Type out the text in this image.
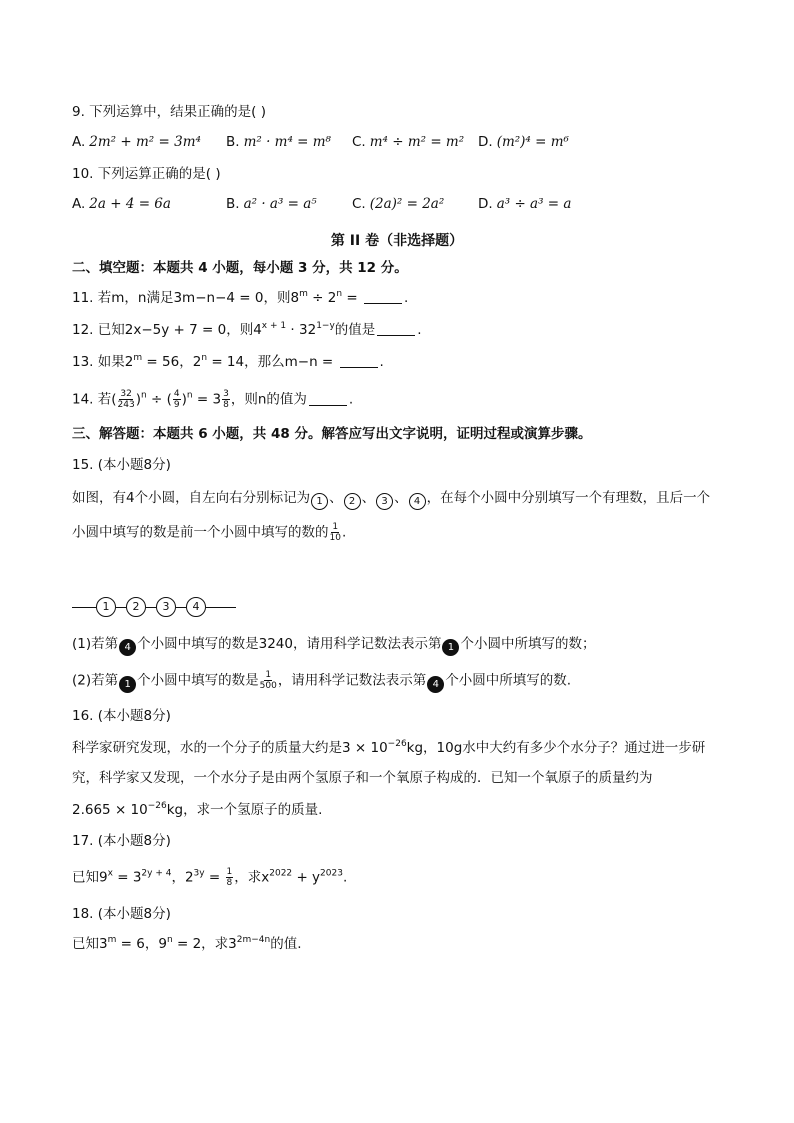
9. 下列运算中，结果正确的是( )
A. 2m² + m² = 3m⁴	B. m² · m⁴ = m⁸	C. m⁴ ÷ m² = m²	D. (m²)⁴ = m⁶
10. 下列运算正确的是( )
A. 2a + 4 = 6a	B. a² · a³ = a⁵	C. (2a)² = 2a²	D. a³ ÷ a³ = a
第 II 卷（非选择题）
二、填空题：本题共 4 小题，每小题 3 分，共 12 分。
11. 若m，n满足3m−n−4 = 0，则$8^m \div 2^n$ =	.
12. 已知2x−5y + 7 = 0，则$4^{x + 1} \cdot 32^{1-y}$的值是	.
13. 如果$2^m = 56$，$2^n = 14$，那么m−n =	.
14. 若( $\frac{32}{243} )^n$ ÷ ( $\frac{4}{9} )^n = 3 \frac{3}{8}$ ，则n的值为	.
三、解答题：本题共 6 小题，共 48 分。解答应写出文字说明，证明过程或演算步骤。
15. (本小题8分)
如图，有4个小圆，自左向右分别标记为 1 、 2 、 3 、 4 ，在每个小圆中分别填写一个有理数，且后一个
小圆中填写的数是前一个小圆中填写的数的 $\frac{1}{10}$ .
1	2	3	4
(1)若第 4 个小圆中填写的数是3240，请用科学记数法表示第 1 个小圆中所填写的数；
(2)若第 1 个小圆中填写的数是 $\frac{1}{500}$ ，请用科学记数法表示第 4 个小圆中所填写的数.
16. (本小题8分)
科学家研究发现，水的一个分子的质量大约是$3 \times 10^{-26}kg$，10g水中大约有多少个水分子？通过进一步研
究，科学家又发现，一个水分子是由两个氢原子和一个氧原子构成的．已知一个氧原子的质量约为
$2.665 \times 10^{-26}kg$，求一个氢原子的质量.
17. (本小题8分)
已知$9^x = 3^{2y + 4}$，$2^{3y} = \frac{1}{8}$ ，求$x^{2022} + y^{2023}$.
18. (本小题8分)
已知$3^m = 6$，$9^n = 2$，求$3^{2m-4n}$的值.
